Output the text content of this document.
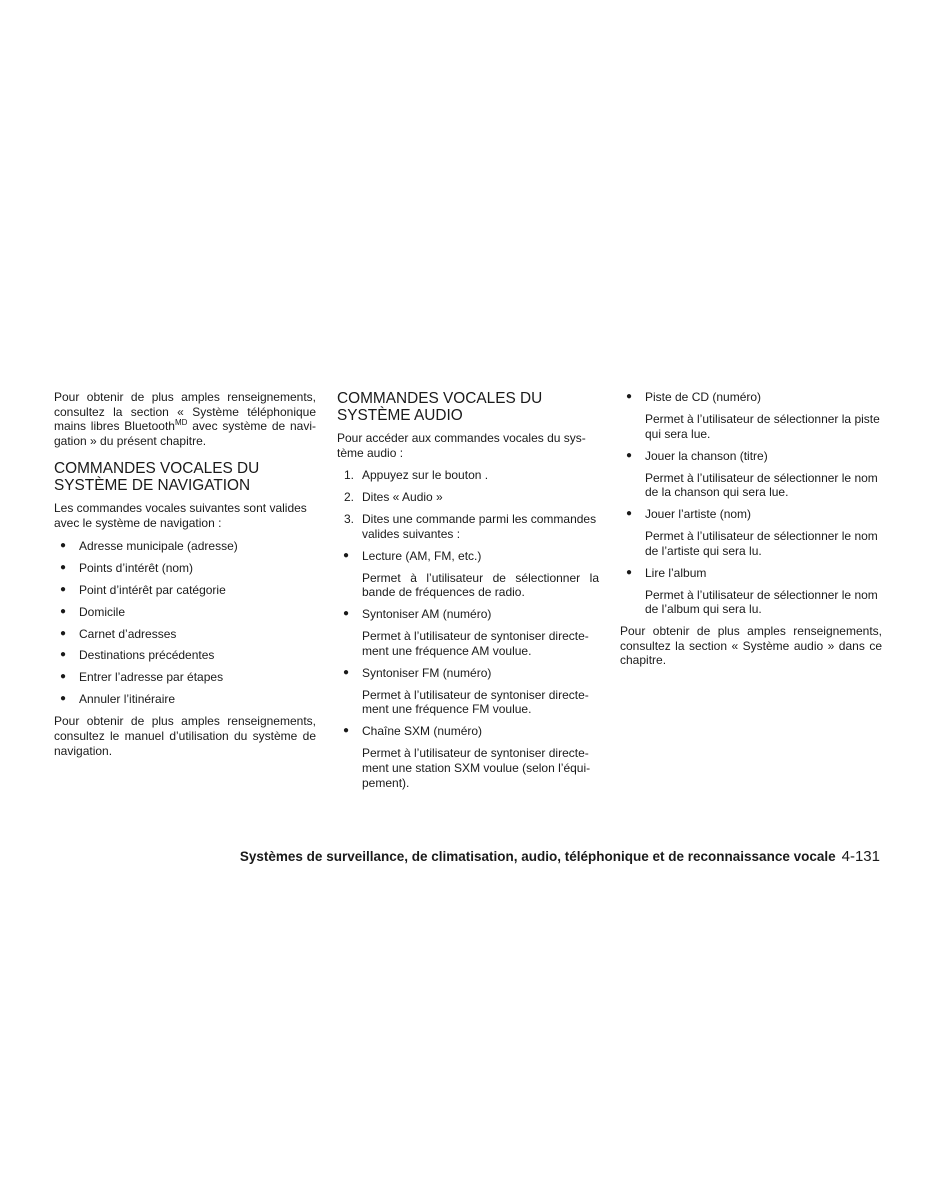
Pour obtenir de plus amples renseignements, consultez la section « Système téléphonique mains libres Bluetooth$^{MD}$ avec système de navi-gation » du présent chapitre.

COMMANDES VOCALES DU SYSTÈME DE NAVIGATION

Les commandes vocales suivantes sont valides avec le système de navigation :

● Adresse municipale (adresse)
● Points d’intérêt (nom)
● Point d’intérêt par catégorie
● Domicile
● Carnet d’adresses
● Destinations précédentes
● Entrer l’adresse par étapes
● Annuler l’itinéraire

Pour obtenir de plus amples renseignements, consultez le manuel d’utilisation du système de navigation.

COMMANDES VOCALES DU SYSTÈME AUDIO

Pour accéder aux commandes vocales du sys-tème audio :

1. Appuyez sur le bouton .
2. Dites « Audio »
3. Dites une commande parmi les commandes valides suivantes :
● Lecture (AM, FM, etc.)
Permet à l’utilisateur de sélectionner la bande de fréquences de radio.
● Syntoniser AM (numéro)
Permet à l’utilisateur de syntoniser directe-ment une fréquence AM voulue.
● Syntoniser FM (numéro)
Permet à l’utilisateur de syntoniser directe-ment une fréquence FM voulue.
● Chaîne SXM (numéro)
Permet à l’utilisateur de syntoniser directe-ment une station SXM voulue (selon l’équi-pement).
● Piste de CD (numéro)
Permet à l’utilisateur de sélectionner la piste qui sera lue.
● Jouer la chanson (titre)
Permet à l’utilisateur de sélectionner le nom de la chanson qui sera lue.
● Jouer l’artiste (nom)
Permet à l’utilisateur de sélectionner le nom de l’artiste qui sera lu.
● Lire l’album
Permet à l’utilisateur de sélectionner le nom de l’album qui sera lu.

Pour obtenir de plus amples renseignements, consultez la section « Système audio » dans ce chapitre.

Systèmes de surveillance, de climatisation, audio, téléphonique et de reconnaissance vocale 4-131
